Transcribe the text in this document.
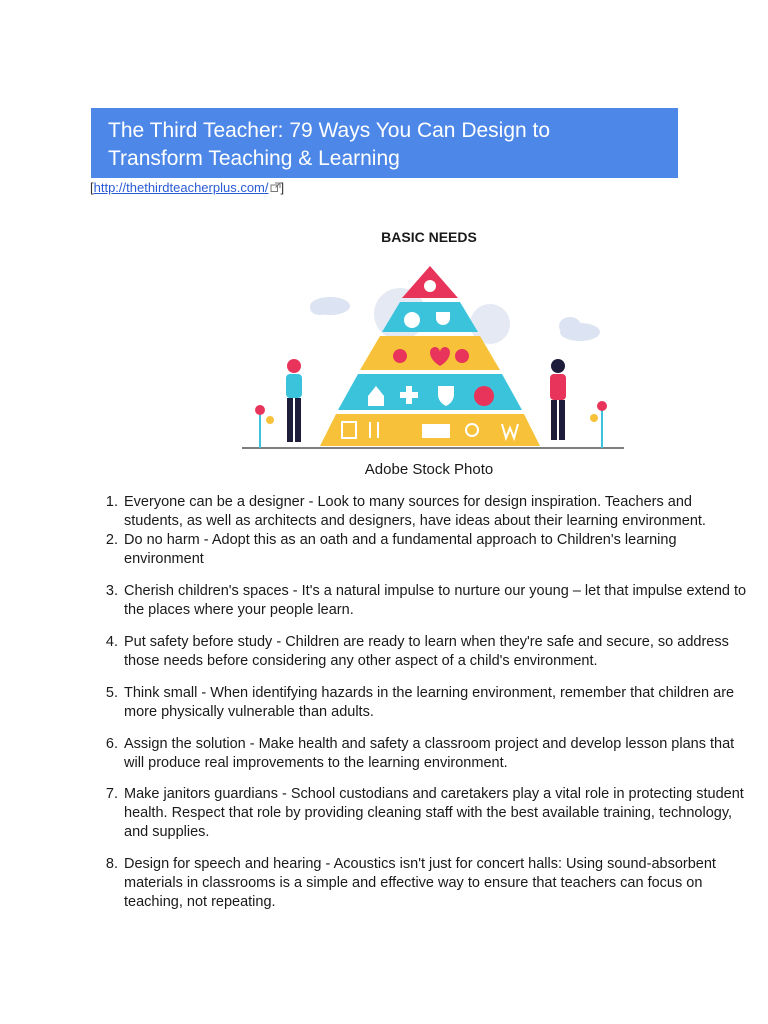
The Third Teacher: 79 Ways You Can Design to
Transform Teaching & Learning
[http://thethirdteacherplus.com/ ]
BASIC NEEDS
Adobe Stock Photo
1. Everyone can be a designer - Look to many sources for design inspiration. Teachers and
students, as well as architects and designers, have ideas about their learning environment.
2. Do no harm - Adopt this as an oath and a fundamental approach to Children's learning
environment
3. Cherish children's spaces - It's a natural impulse to nurture our young – let that impulse extend to
the places where your people learn.
4. Put safety before study - Children are ready to learn when they're safe and secure, so address
those needs before considering any other aspect of a child's environment.
5. Think small - When identifying hazards in the learning environment, remember that children are
more physically vulnerable than adults.
6. Assign the solution - Make health and safety a classroom project and develop lesson plans that
will produce real improvements to the learning environment.
7. Make janitors guardians - School custodians and caretakers play a vital role in protecting student
health. Respect that role by providing cleaning staff with the best available training, technology,
and supplies.
8. Design for speech and hearing - Acoustics isn't just for concert halls: Using sound-absorbent
materials in classrooms is a simple and effective way to ensure that teachers can focus on
teaching, not repeating.
